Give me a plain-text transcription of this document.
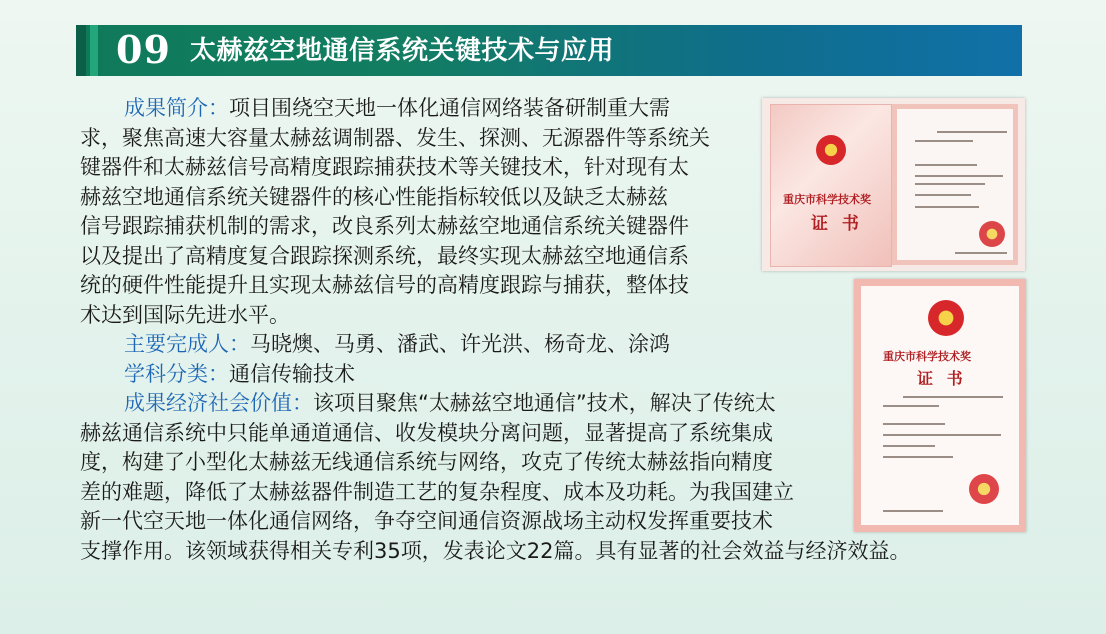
09 太赫兹空地通信系统关键技术与应用
成果简介：项目围绕空天地一体化通信网络装备研制重大需
求，聚焦高速大容量太赫兹调制器、发生、探测、无源器件等系统关
键器件和太赫兹信号高精度跟踪捕获技术等关键技术，针对现有太
赫兹空地通信系统关键器件的核心性能指标较低以及缺乏太赫兹
信号跟踪捕获机制的需求，改良系列太赫兹空地通信系统关键器件
以及提出了高精度复合跟踪探测系统，最终实现太赫兹空地通信系
统的硬件性能提升且实现太赫兹信号的高精度跟踪与捕获，整体技
术达到国际先进水平。
主要完成人：马晓燠、马勇、潘武、许光洪、杨奇龙、涂鸿
学科分类：通信传输技术
成果经济社会价值：该项目聚焦“太赫兹空地通信”技术，解决了传统太
赫兹通信系统中只能单通道通信、收发模块分离问题，显著提高了系统集成
度，构建了小型化太赫兹无线通信系统与网络，攻克了传统太赫兹指向精度
差的难题，降低了太赫兹器件制造工艺的复杂程度、成本及功耗。为我国建立
新一代空天地一体化通信网络，争夺空间通信资源战场主动权发挥重要技术
支撑作用。该领域获得相关专利35项，发表论文22篇。具有显著的社会效益与经济效益。
重庆市科学技术奖
证 书
重庆市科学技术奖
证 书
